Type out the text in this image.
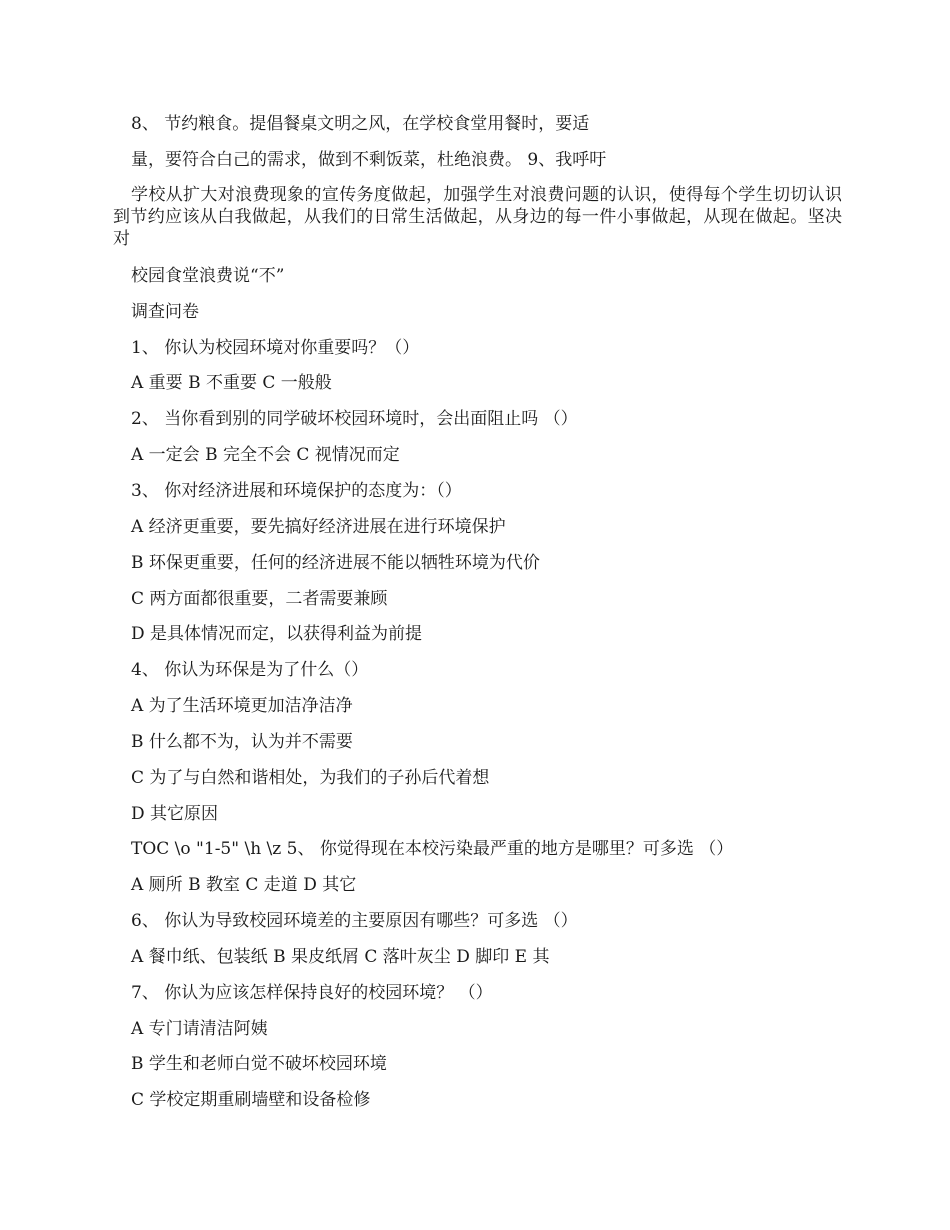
8、 节约粮食。提倡餐桌文明之风，在学校食堂用餐时，要适
量，要符合白己的需求，做到不剩饭菜，杜绝浪费。 9、我呼吁
学校从扩大对浪费现象的宣传务度做起，加强学生对浪费问题的认识，使得每个学生切切认识到节约应该从白我做起，从我们的日常生活做起，从身边的每一件小事做起，从现在做起。坚决对
校园食堂浪费说“不”
调查问卷
1、 你认为校园环境对你重要吗？（）
A 重要 B 不重要 C 一般般
2、 当你看到别的同学破坏校园环境时，会出面阻止吗 （）
A 一定会 B 完全不会 C 视情况而定
3、 你对经济进展和环境保护的态度为：（）
A 经济更重要，要先搞好经济进展在进行环境保护
B 环保更重要，任何的经济进展不能以牺牲环境为代价
C 两方面都很重要，二者需要兼顾
D 是具体情况而定，以获得利益为前提
4、 你认为环保是为了什么（）
A 为了生活环境更加洁净洁净
B 什么都不为，认为并不需要
C 为了与白然和谐相处，为我们的子孙后代着想
D 其它原因
TOC \o "1-5" \h \z 5、 你觉得现在本校污染最严重的地方是哪里？可多选 （）
A 厕所 B 教室 C 走道 D 其它
6、 你认为导致校园环境差的主要原因有哪些？可多选 （）
A 餐巾纸、包装纸 B 果皮纸屑 C 落叶灰尘 D 脚印 E 其
7、 你认为应该怎样保持良好的校园环境？ （）
A 专门请清洁阿姨
B 学生和老师白觉不破坏校园环境
C 学校定期重刷墙壁和设备检修
